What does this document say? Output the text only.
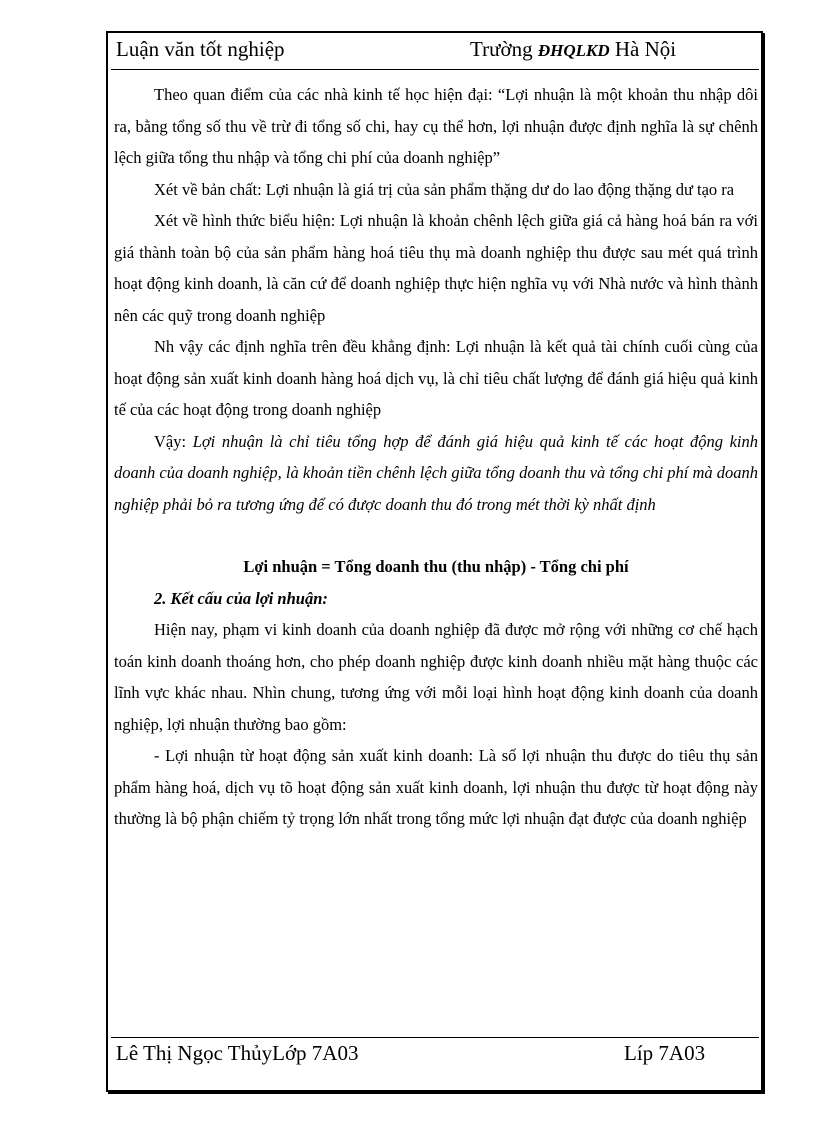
Luận văn tốt nghiệp	Trường ĐHQLKD Hà Nội

Theo quan điểm của các nhà kinh tế học hiện đại: “Lợi nhuận là một khoản thu nhập dôi ra, bằng tổng số thu về trừ đi tổng số chi, hay cụ thể hơn, lợi nhuận được định nghĩa là sự chênh lệch giữa tổng thu nhập và tổng chi phí của doanh nghiệp”

Xét về bản chất: Lợi nhuận là giá trị của sản phẩm thặng dư do lao động thặng dư tạo ra

Xét về hình thức biểu hiện: Lợi nhuận là khoản chênh lệch giữa giá cả hàng hoá bán ra với giá thành toàn bộ của sản phẩm hàng hoá tiêu thụ mà doanh nghiệp thu được sau mét quá trình hoạt động kinh doanh, là căn cứ để doanh nghiệp thực hiện nghĩa vụ với Nhà nước và hình thành nên các quỹ trong doanh nghiệp

Nh vậy các định nghĩa trên đều khẳng định: Lợi nhuận là kết quả tài chính cuối cùng của hoạt động sản xuất kinh doanh hàng hoá dịch vụ, là chỉ tiêu chất lượng để đánh giá hiệu quả kinh tế của các hoạt động trong doanh nghiệp

Vậy: Lợi nhuận là chỉ tiêu tổng hợp để đánh giá hiệu quả kinh tế các hoạt động kinh doanh của doanh nghiệp, là khoản tiền chênh lệch giữa tổng doanh thu và tổng chi phí mà doanh nghiệp phải bỏ ra tương ứng để có được doanh thu đó trong mét thời kỳ nhất định

Lợi nhuận = Tổng doanh thu (thu nhập) - Tổng chi phí

2. Kết cấu của lợi nhuận:

Hiện nay, phạm vi kinh doanh của doanh nghiệp đã được mở rộng với những cơ chế hạch toán kinh doanh thoáng hơn, cho phép doanh nghiệp được kinh doanh nhiều mặt hàng thuộc các lĩnh vực khác nhau. Nhìn chung, tương ứng với mỗi loại hình hoạt động kinh doanh của doanh nghiệp, lợi nhuận thường bao gồm:

- Lợi nhuận từ hoạt động sản xuất kinh doanh: Là số lợi nhuận thu được do tiêu thụ sản phẩm hàng hoá, dịch vụ tõ hoạt động sản xuất kinh doanh, lợi nhuận thu được từ hoạt động này thường là bộ phận chiếm tỷ trọng lớn nhất trong tổng mức lợi nhuận đạt được của doanh nghiệp

Lê Thị Ngọc ThủyLớp 7A03	Líp 7A03
